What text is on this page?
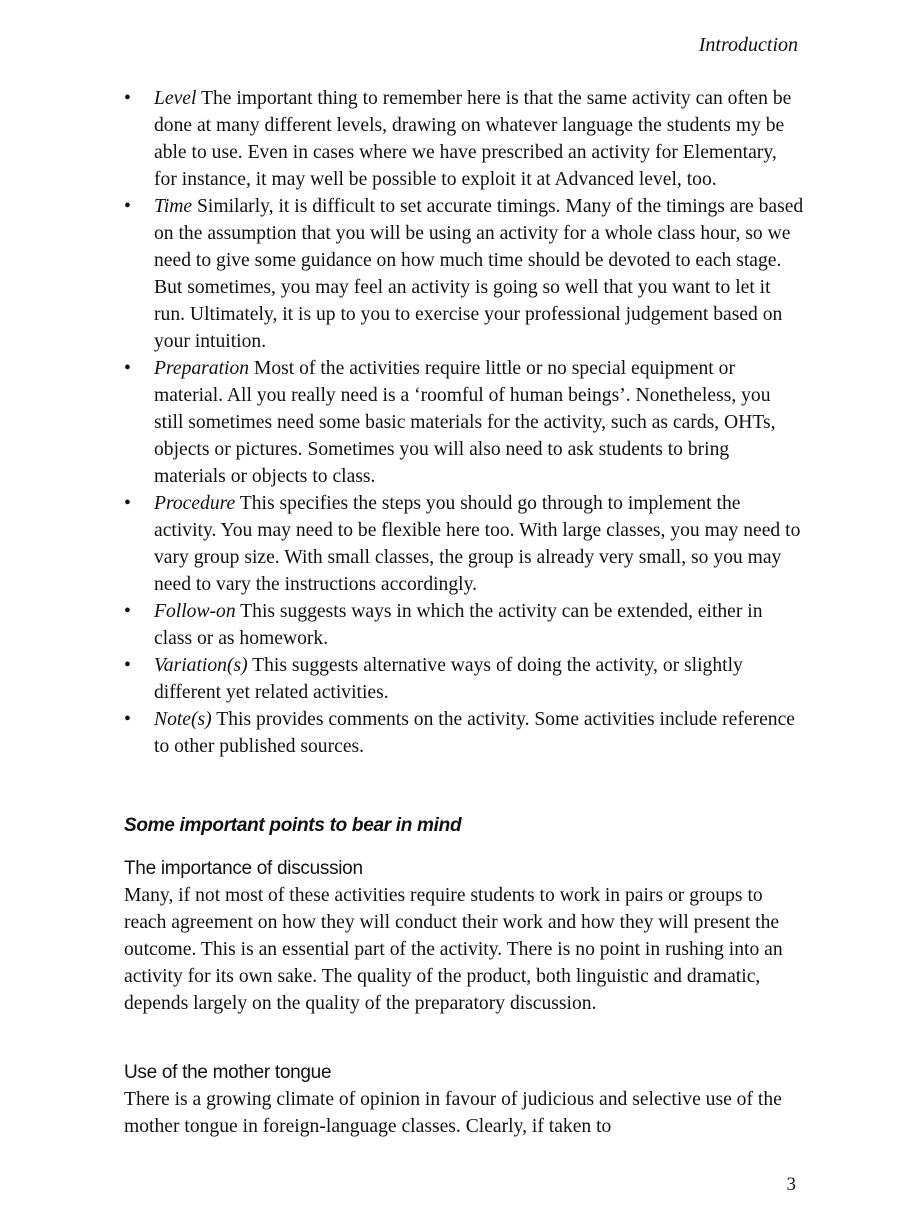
Introduction
• Level The important thing to remember here is that the same activity can often be done at many different levels, drawing on whatever language the students my be able to use. Even in cases where we have prescribed an activity for Elementary, for instance, it may well be possible to exploit it at Advanced level, too.
• Time Similarly, it is difficult to set accurate timings. Many of the timings are based on the assumption that you will be using an activity for a whole class hour, so we need to give some guidance on how much time should be devoted to each stage. But sometimes, you may feel an activity is going so well that you want to let it run. Ultimately, it is up to you to exercise your professional judgement based on your intuition.
• Preparation Most of the activities require little or no special equipment or material. All you really need is a ‘roomful of human beings’. Nonetheless, you still sometimes need some basic materials for the activity, such as cards, OHTs, objects or pictures. Sometimes you will also need to ask students to bring materials or objects to class.
• Procedure This specifies the steps you should go through to implement the activity. You may need to be flexible here too. With large classes, you may need to vary group size. With small classes, the group is already very small, so you may need to vary the instructions accordingly.
• Follow-on This suggests ways in which the activity can be extended, either in class or as homework.
• Variation(s) This suggests alternative ways of doing the activity, or slightly different yet related activities.
• Note(s) This provides comments on the activity. Some activities include reference to other published sources.
Some important points to bear in mind
The importance of discussion

Many, if not most of these activities require students to work in pairs or groups to reach agreement on how they will conduct their work and how they will present the outcome. This is an essential part of the activity. There is no point in rushing into an activity for its own sake. The quality of the product, both linguistic and dramatic, depends largely on the quality of the preparatory discussion.

Use of the mother tongue

There is a growing climate of opinion in favour of judicious and selective use of the mother tongue in foreign-language classes. Clearly, if taken to

3
